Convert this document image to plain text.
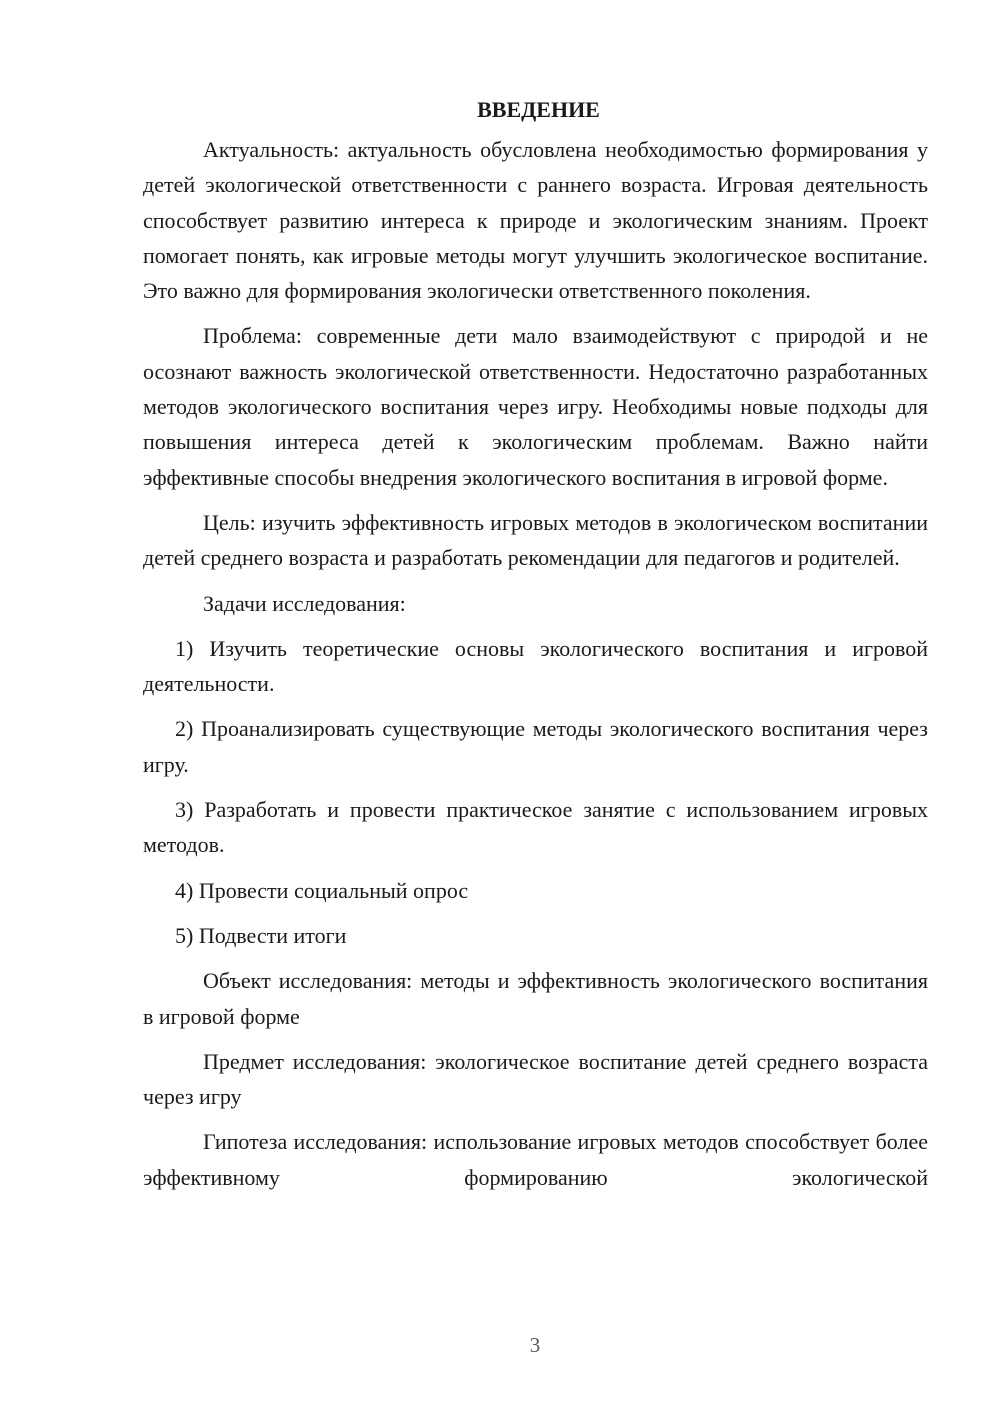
ВВЕДЕНИЕ

Актуальность: актуальность обусловлена необходимостью формирования у детей экологической ответственности с раннего возраста. Игровая деятельность способствует развитию интереса к природе и экологическим знаниям. Проект помогает понять, как игровые методы могут улучшить экологическое воспитание. Это важно для формирования экологически ответственного поколения.

Проблема: современные дети мало взаимодействуют с природой и не осознают важность экологической ответственности. Недостаточно разработанных методов экологического воспитания через игру. Необходимы новые подходы для повышения интереса детей к экологическим проблемам. Важно найти эффективные способы внедрения экологического воспитания в игровой форме.

Цель: изучить эффективность игровых методов в экологическом воспитании детей среднего возраста и разработать рекомендации для педагогов и родителей.

Задачи исследования:

1) Изучить теоретические основы экологического воспитания и игровой деятельности.

2) Проанализировать существующие методы экологического воспитания через игру.

3) Разработать и провести практическое занятие с использованием игровых методов.

4) Провести социальный опрос

5) Подвести итоги

Объект исследования: методы и эффективность экологического воспитания в игровой форме

Предмет исследования: экологическое воспитание детей среднего возраста через игру

Гипотеза исследования: использование игровых методов способствует более эффективному формированию экологической

3
